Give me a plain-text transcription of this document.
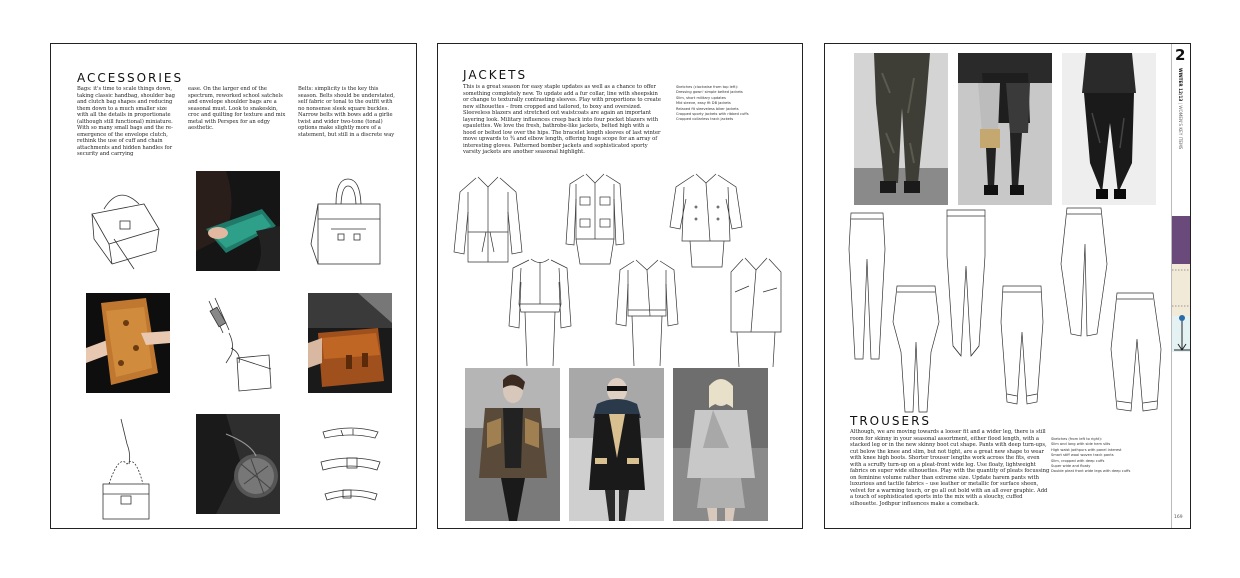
ACCESSORIES

Bags: it's time to scale things down, taking classic handbag, shoulder bag and clutch bag shapes and reducing them down to a much smaller size with all the details in proportionate (although still functional) miniature. With so many small bags and the re-emergence of the envelope clutch, rethink the use of cuff and chain attachments and hidden handles for security and carrying

ease. On the larger end of the spectrum, reworked school satchels and envelope shoulder bags are a seasonal must. Look to snakeskin, croc and quilting for texture and mix metal with Perspex for an edgy aesthetic.

Belts: simplicity is the key this season. Belts should be understated, self fabric or tonal to the outfit with no nonsense sleek square buckles. Narrow belts with bows add a girlie twist and wider two-tone (tonal) options make slightly more of a statement, but still in a discrete way

JACKETS

This is a great season for easy staple updates as well as a chance to offer something completely new. To update add a fur collar, line with sheepskin or change to texturally contrasting sleeves. Play with proportions to create new silhouettes – from cropped and tailored, to boxy and oversized. Sleeveless blazers and stretched out waistcoats are again an important layering look. Military influences creep back into four pocket blazers with epaulettes. We love the fresh, bathrobe-like jackets, belted high with a hood or belted low over the hips. The bracelet length sleeves of last winter move upwards to ¾ and elbow length, offering huge scope for an array of interesting gloves. Patterned bomber jackets and sophisticated sporty varsity jackets are another seasonal highlight.

Sketches (clockwise from top left):
Dressing gown' simple belted jackets
Slim, short military updates
Mid sleeve, easy fit DB jackets
Relaxed fit sleeveless biker jackets
Cropped sporty jackets with ribbed cuffs
Cropped collarless track jackets
TROUSERS

Although, we are moving towards a looser fit and a wider leg, there is still room for skinny in your seasonal assortment, either flood length, with a stacked leg or in the new skinny boot cut shape. Pants with deep turn-ups, cut below the knee and slim, but not tight, are a great new shape to wear with knee high boots. Shorter trouser lengths work across the fits, even with a scruffy turn-up on a pleat-front wide leg. Use floaty, lightweight fabrics on super wide silhouettes. Play with the quantity of pleats focussing on feminine volume rather than extreme size. Update harem pants with luxurious and tactile fabrics – use leather or metallic for surface sheen, velvet for a warming touch, or go all out bold with an all over graphic. Add a touch of sophisticated sports into the mix with a slouchy, cuffed silhouette. Jodhpur influences make a comeback.

Sketches (from left to right):
Slim and long with side hem slits
High waist jodhpurs with panel interest
Smart stiff wool woven track pants
Slim, cropped with deep cuffs
Super wide and floaty
Double pleat front wide legs with deep cuffs
2
WINTER 12/13 | WOMEN'S KEY ITEMS
169
